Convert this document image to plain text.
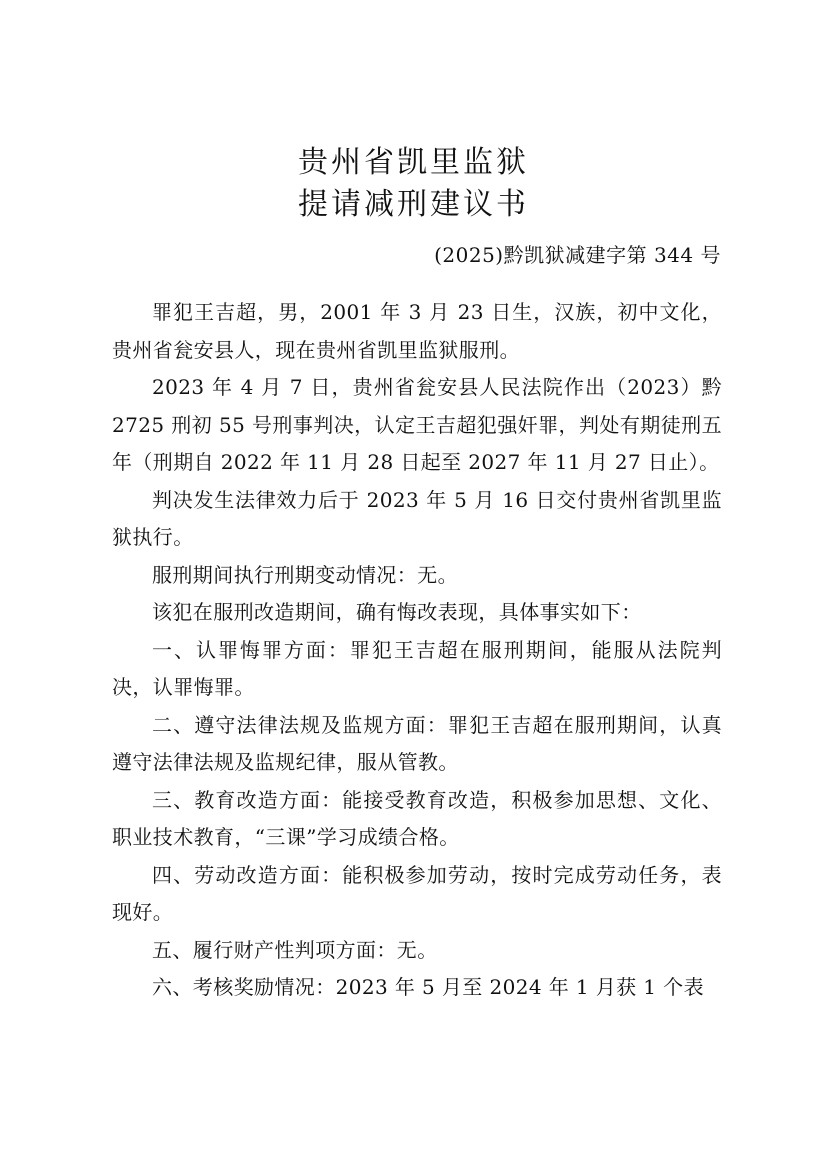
贵州省凯里监狱
提请减刑建议书
(2025)黔凯狱减建字第 344 号

罪犯王吉超，男，2001 年 3 月 23 日生，汉族，初中文化，贵州省瓮安县人，现在贵州省凯里监狱服刑。

2023 年 4 月 7 日，贵州省瓮安县人民法院作出（2023）黔 2725 刑初 55 号刑事判决，认定王吉超犯强奸罪，判处有期徒刑五年（刑期自 2022 年 11 月 28 日起至 2027 年 11 月 27 日止）。

判决发生法律效力后于 2023 年 5 月 16 日交付贵州省凯里监狱执行。

服刑期间执行刑期变动情况：无。

该犯在服刑改造期间，确有悔改表现，具体事实如下：

一、认罪悔罪方面：罪犯王吉超在服刑期间，能服从法院判决，认罪悔罪。

二、遵守法律法规及监规方面：罪犯王吉超在服刑期间，认真遵守法律法规及监规纪律，服从管教。

三、教育改造方面：能接受教育改造，积极参加思想、文化、职业技术教育，“三课”学习成绩合格。

四、劳动改造方面：能积极参加劳动，按时完成劳动任务，表现好。

五、履行财产性判项方面：无。

六、考核奖励情况：2023 年 5 月至 2024 年 1 月获 1 个表
